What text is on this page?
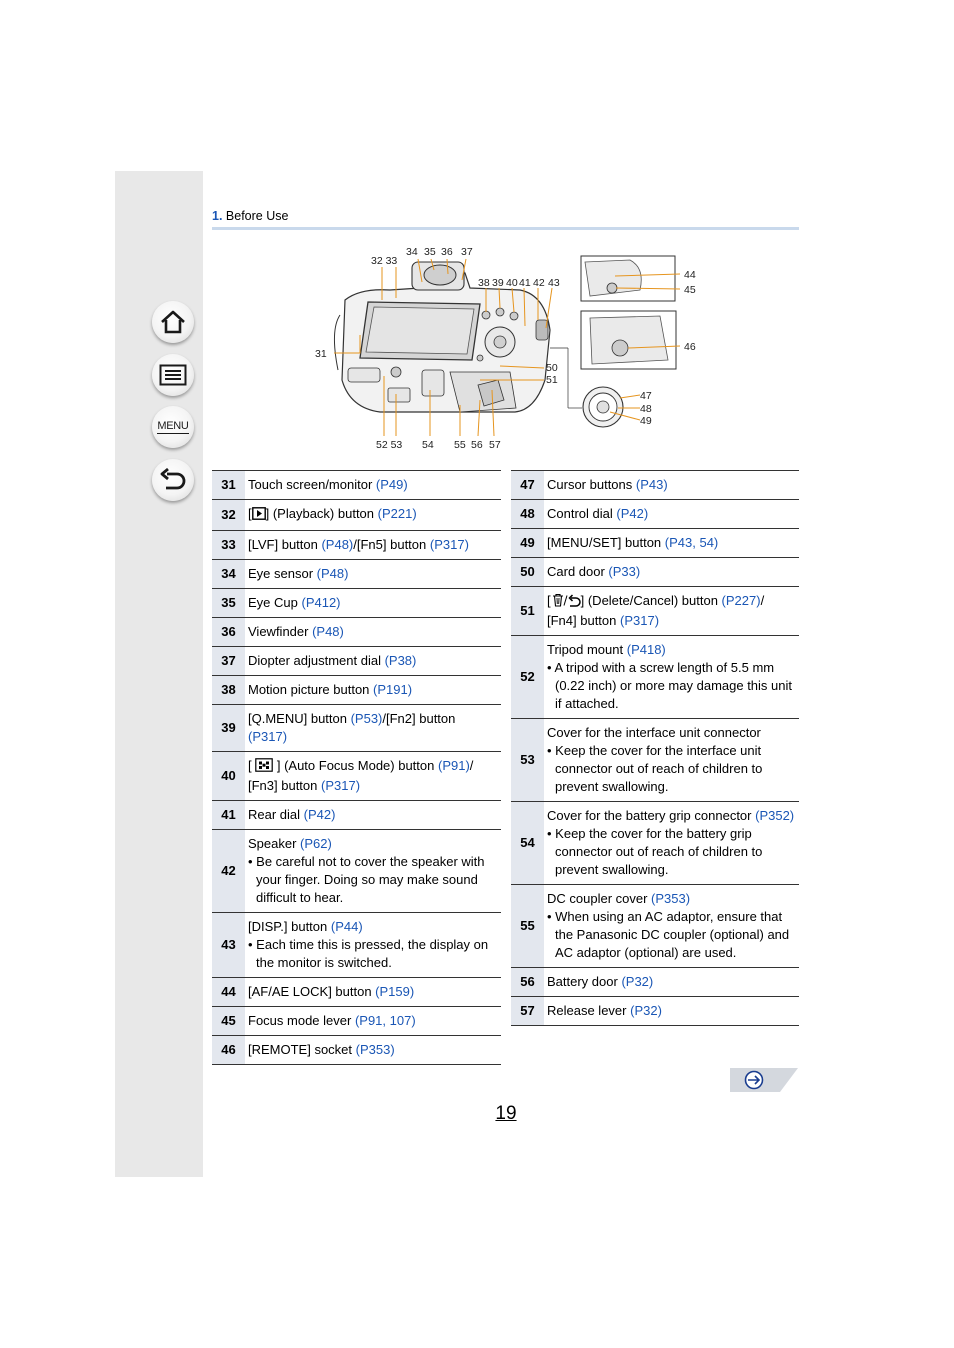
MENU
1. Before Use
31
32 33
34 35 36 37
38 39 40 41 42 43
44
45
46
47
48
49
50
51
52 53 54 55 56 57
31	Touch screen/monitor (P49)
32	[ ] (Playback) button (P221)
33	[LVF] button (P48)/[Fn5] button (P317)
34	Eye sensor (P48)
35	Eye Cup (P412)
36	Viewfinder (P48)
37	Diopter adjustment dial (P38)
38	Motion picture button (P191)
39	[Q.MENU] button (P53)/[Fn2] button (P317)
40	[  ] (Auto Focus Mode) button (P91)/ [Fn3] button (P317)
41	Rear dial (P42)
42	Speaker (P62)
• Be careful not to cover the speaker with your finger. Doing so may make sound difficult to hear.

43	[DISP.] button (P44)
• Each time this is pressed, the display on the monitor is switched.

44	[AF/AE LOCK] button (P159)
45	Focus mode lever (P91, 107)
46	[REMOTE] socket (P353)
47	Cursor buttons (P43)
48	Control dial (P42)
49	[MENU/SET] button (P43, 54)
50	Card door (P33)
51	[ ] (Delete/Cancel) button (P227)/ [Fn4] button (P317)
52	Tripod mount (P418)
• A tripod with a screw length of 5.5 mm (0.22 inch) or more may damage this unit if attached.

53	Cover for the interface unit connector
• Keep the cover for the interface unit connector out of reach of children to prevent swallowing.

54	Cover for the battery grip connector (P352)
• Keep the cover for the battery grip connector out of reach of children to prevent swallowing.

55	DC coupler cover (P353)
• When using an AC adaptor, ensure that the Panasonic DC coupler (optional) and AC adaptor (optional) are used.

56	Battery door (P32)
57	Release lever (P32)
19
